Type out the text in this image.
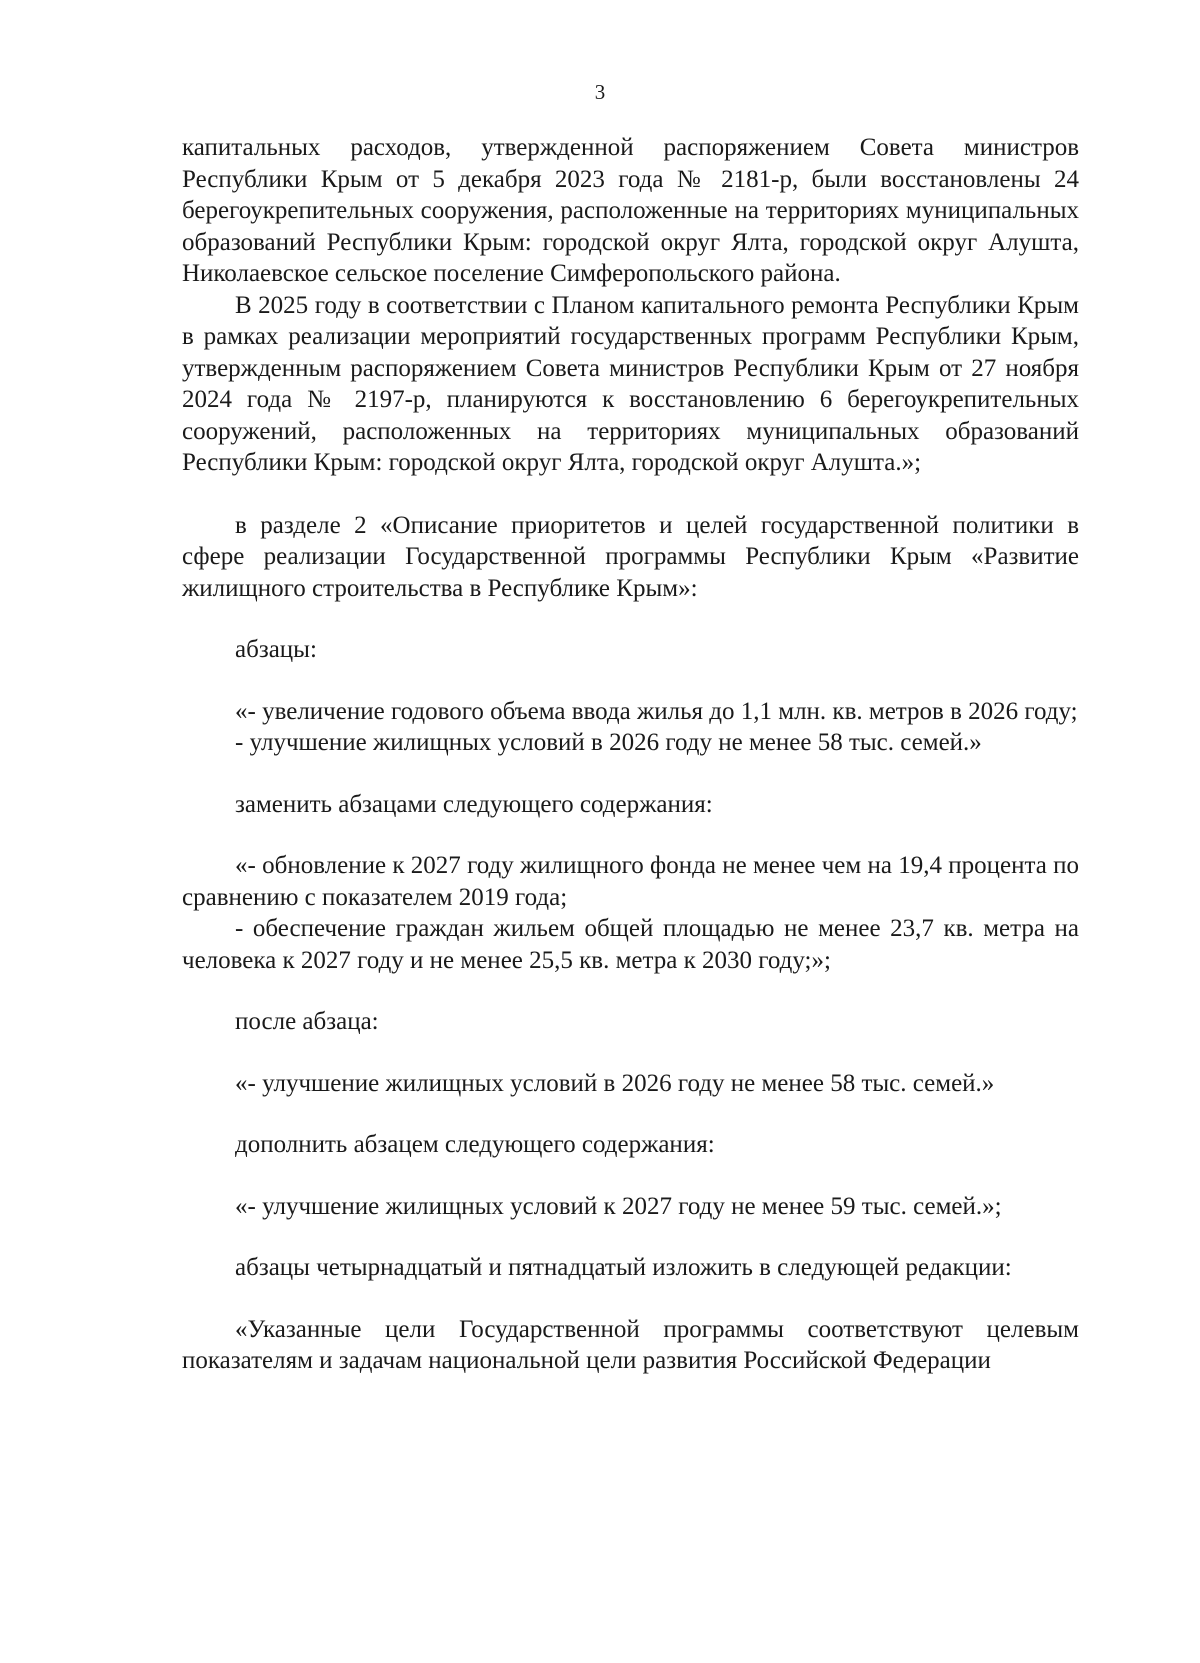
3

капитальных расходов, утвержденной распоряжением Совета министров Республики Крым от 5 декабря 2023 года № 2181-р, были восстановлены 24 берегоукрепительных сооружения, расположенные на территориях муниципальных образований Республики Крым: городской округ Ялта, городской округ Алушта, Николаевское сельское поселение Симферопольского района.

В 2025 году в соответствии с Планом капитального ремонта Республики Крым в рамках реализации мероприятий государственных программ Республики Крым, утвержденным распоряжением Совета министров Республики Крым от 27 ноября 2024 года № 2197-р, планируются к восстановлению 6 берегоукрепительных сооружений, расположенных на территориях муниципальных образований Республики Крым: городской округ Ялта, городской округ Алушта.»;

в разделе 2 «Описание приоритетов и целей государственной политики в сфере реализации Государственной программы Республики Крым «Развитие жилищного строительства в Республике Крым»:

абзацы:

«- увеличение годового объема ввода жилья до 1,1 млн. кв. метров в 2026 году;

- улучшение жилищных условий в 2026 году не менее 58 тыс. семей.»

заменить абзацами следующего содержания:

«- обновление к 2027 году жилищного фонда не менее чем на 19,4 процента по сравнению с показателем 2019 года;

- обеспечение граждан жильем общей площадью не менее 23,7 кв. метра на человека к 2027 году и не менее 25,5 кв. метра к 2030 году;»;

после абзаца:

«- улучшение жилищных условий в 2026 году не менее 58 тыс. семей.»

дополнить абзацем следующего содержания:

«- улучшение жилищных условий к 2027 году не менее 59 тыс. семей.»;

абзацы четырнадцатый и пятнадцатый изложить в следующей редакции:

«Указанные цели Государственной программы соответствуют целевым показателям и задачам национальной цели развития Российской Федерации
